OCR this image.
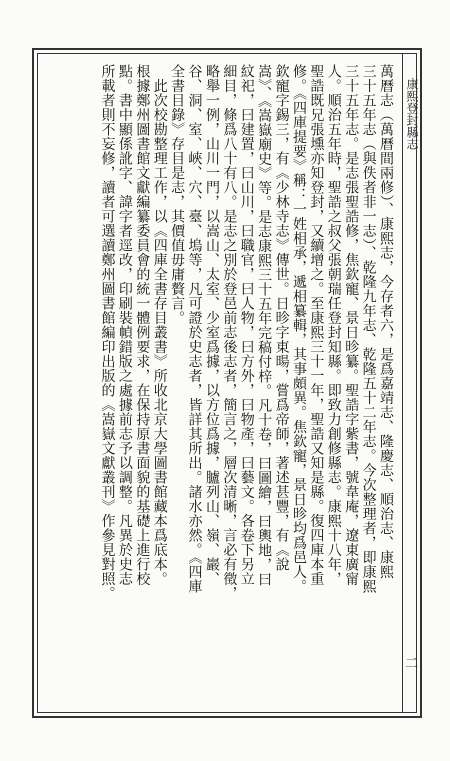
康熙登封縣志
二

萬曆志（萬曆間兩修）、康熙志，今存者六，是爲嘉靖志、隆慶志、順治志、康熙

三十五年志（與佚者非一志）、乾隆九年志、乾隆五十二年志。今次整理者，即康熙

三十五年志。是志張聖誥修，焦欽寵、景日昣纂。聖誥字紫書，號韋庵，遼東廣甯

人。順治五年時，聖誥之叔父張朝瑞任登封知縣。即致力創修縣志。康熙十八年，

聖誥既兄張壎亦知登封，又續增之。至康熙三十一年，聖誥又知是縣。復四庫本重

修。《四庫提要》稱：一姓相承，遞相纂輯，其事頗異。焦欽寵，景日昣均爲邑人。

欽寵字錫三，有《少林寺志》傳世。日昣字東暘，嘗爲帝師，著述甚豐，有《說

嵩》、《嵩嶽廟史》等。是志康熙三十五年完稿付梓。凡十卷，曰圖繪，曰輿地，曰

紋祀，曰建置，曰山川，曰職官，曰人物，曰方外，曰物產，曰藝文。各卷下另立

細目，條爲八十有八。是志之別於登邑前志後志者，簡言之，層次清晰，言必有徵，

略舉一例，山川一門，以嵩山、太室、少室爲據，以方位爲據，臚列山、嶺、巖、

谷、洞、室、峽、穴、臺、塢等，凡可證於史志者，皆詳其所出。諸水亦然。《四庫

全書目錄》存目是志，其價值毋庸贅言。

　此次校勘整理工作，以《四庫全書存目叢書》所收北京大學圖書館藏本爲底本。

根據鄭州圖書館文獻編纂委員會的統一體例要求，在保持原書面貌的基礎上進行校

點。書中顯係訛字、諱字者逕改，印刷裝幀錯版之處據前志予以調整。凡異於史志

所載者則不妄修，讀者可選讀鄭州圖書館編印出版的《嵩嶽文獻叢刊》作參見對照。
